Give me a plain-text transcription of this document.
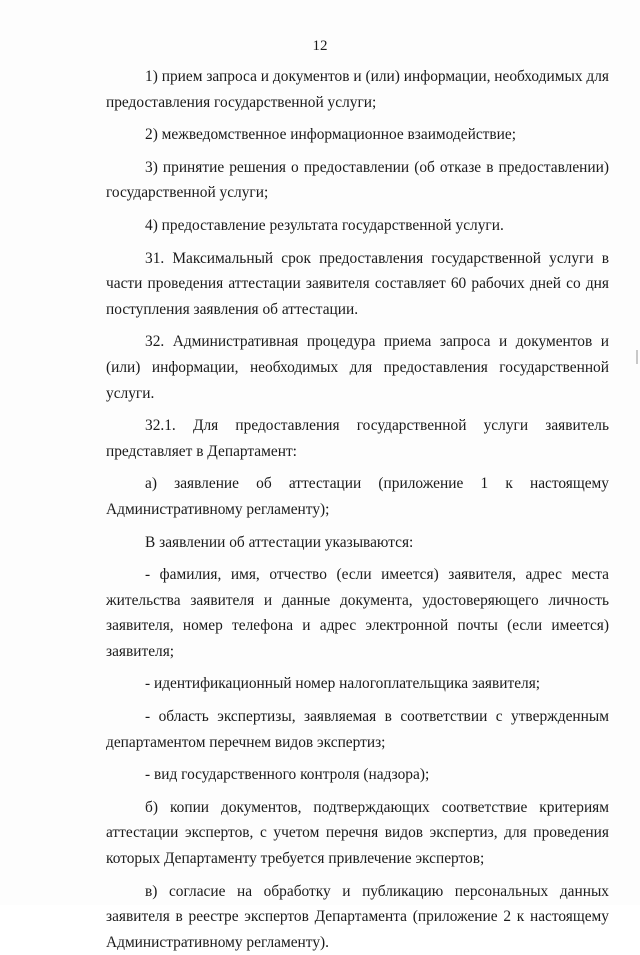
12

1) прием запроса и документов и (или) информации, необходимых для предоставления государственной услуги;

2) межведомственное информационное взаимодействие;

3) принятие решения о предоставлении (об отказе в предоставлении) государственной услуги;

4) предоставление результата государственной услуги.

31. Максимальный срок предоставления государственной услуги в части проведения аттестации заявителя составляет 60 рабочих дней со дня поступления заявления об аттестации.

32. Административная процедура приема запроса и документов и (или) информации, необходимых для предоставления государственной услуги.

32.1. Для предоставления государственной услуги заявитель представляет в Департамент:

а) заявление об аттестации (приложение 1 к настоящему Административному регламенту);

В заявлении об аттестации указываются:

- фамилия, имя, отчество (если имеется) заявителя, адрес места жительства заявителя и данные документа, удостоверяющего личность заявителя, номер телефона и адрес электронной почты (если имеется) заявителя;

- идентификационный номер налогоплательщика заявителя;

- область экспертизы, заявляемая в соответствии с утвержденным департаментом перечнем видов экспертиз;

- вид государственного контроля (надзора);

б) копии документов, подтверждающих соответствие критериям аттестации экспертов, с учетом перечня видов экспертиз, для проведения которых Департаменту требуется привлечение экспертов;

в) согласие на обработку и публикацию персональных данных заявителя в реестре экспертов Департамента (приложение 2 к настоящему Административному регламенту).
